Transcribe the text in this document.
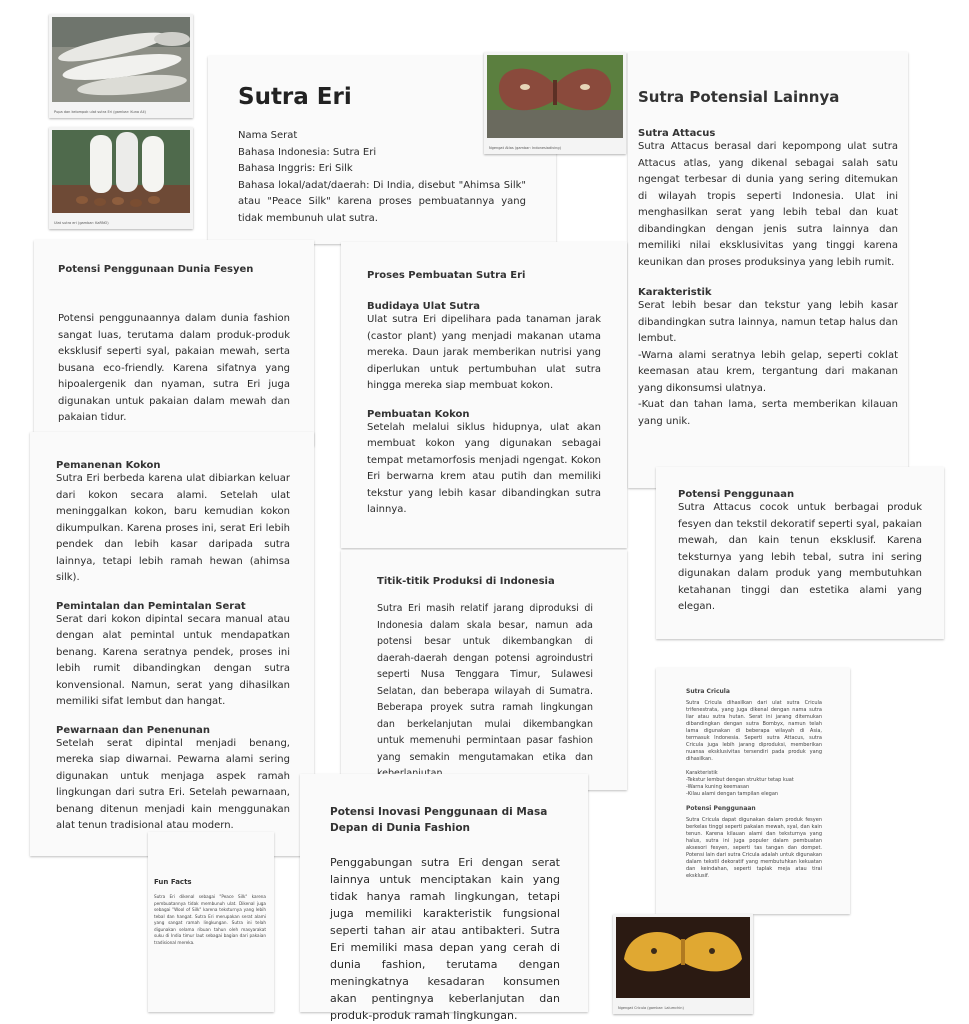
Pupa dan kelompok ulat sutra Eri (gambar: Kuna Ali)
Ulat sutra eri (gambar: KaRNO)
Sutra Eri

Nama Serat

Bahasa Indonesia: Sutra Eri

Bahasa Inggris: Eri Silk

Bahasa lokal/adat/daerah: Di India, disebut "Ahimsa Silk" atau "Peace Silk" karena proses pembuatannya yang tidak membunuh ulat sutra.

Sutra Potensial Lainnya
Sutra Attacus

Sutra Attacus berasal dari kepompong ulat sutra Attacus atlas, yang dikenal sebagai salah satu ngengat terbesar di dunia yang sering ditemukan di wilayah tropis seperti Indonesia. Ulat ini menghasilkan serat yang lebih tebal dan kuat dibandingkan dengan jenis sutra lainnya dan memiliki nilai eksklusivitas yang tinggi karena keunikan dan proses produksinya yang lebih rumit.

Karakteristik

Serat lebih besar dan tekstur yang lebih kasar dibandingkan sutra lainnya, namun tetap halus dan lembut.

-Warna alami seratnya lebih gelap, seperti coklat keemasan atau krem, tergantung dari makanan yang dikonsumsi ulatnya.

-Kuat dan tahan lama, serta memberikan kilauan yang unik.

Ngengat Atlas (gambar: Indonesiadiving)
Potensi Penggunaan Dunia Fesyen

Potensi penggunaannya dalam dunia fashion sangat luas, terutama dalam produk-produk eksklusif seperti syal, pakaian mewah, serta busana eco-friendly. Karena sifatnya yang hipoalergenik dan nyaman, sutra Eri juga digunakan untuk pakaian dalam mewah dan pakaian tidur.

Proses Pembuatan Sutra Eri
Budidaya Ulat Sutra

Ulat sutra Eri dipelihara pada tanaman jarak (castor plant) yang menjadi makanan utama mereka. Daun jarak memberikan nutrisi yang diperlukan untuk pertumbuhan ulat sutra hingga mereka siap membuat kokon.

Pembuatan Kokon

Setelah melalui siklus hidupnya, ulat akan membuat kokon yang digunakan sebagai tempat metamorfosis menjadi ngengat. Kokon Eri berwarna krem atau putih dan memiliki tekstur yang lebih kasar dibandingkan sutra lainnya.

Pemanenan Kokon

Sutra Eri berbeda karena ulat dibiarkan keluar dari kokon secara alami. Setelah ulat meninggalkan kokon, baru kemudian kokon dikumpulkan. Karena proses ini, serat Eri lebih pendek dan lebih kasar daripada sutra lainnya, tetapi lebih ramah hewan (ahimsa silk).

Pemintalan dan Pemintalan Serat

Serat dari kokon dipintal secara manual atau dengan alat pemintal untuk mendapatkan benang. Karena seratnya pendek, proses ini lebih rumit dibandingkan dengan sutra konvensional. Namun, serat yang dihasilkan memiliki sifat lembut dan hangat.

Pewarnaan dan Penenunan

Setelah serat dipintal menjadi benang, mereka siap diwarnai. Pewarna alami sering digunakan untuk menjaga aspek ramah lingkungan dari sutra Eri. Setelah pewarnaan, benang ditenun menjadi kain menggunakan alat tenun tradisional atau modern.

Potensi Penggunaan

Sutra Attacus cocok untuk berbagai produk fesyen dan tekstil dekoratif seperti syal, pakaian mewah, dan kain tenun eksklusif. Karena teksturnya yang lebih tebal, sutra ini sering digunakan dalam produk yang membutuhkan ketahanan tinggi dan estetika alami yang elegan.

Titik-titik Produksi di Indonesia

Sutra Eri masih relatif jarang diproduksi di Indonesia dalam skala besar, namun ada potensi besar untuk dikembangkan di daerah-daerah dengan potensi agroindustri seperti Nusa Tenggara Timur, Sulawesi Selatan, dan beberapa wilayah di Sumatra. Beberapa proyek sutra ramah lingkungan dan berkelanjutan mulai dikembangkan untuk memenuhi permintaan pasar fashion yang semakin mengutamakan etika dan

Sutra Cricula

Sutra Cricula dihasilkan dari ulat sutra Cricula trifenestrata, yang juga dikenal dengan nama sutra liar atau sutra hutan. Serat ini jarang ditemukan dibandingkan dengan sutra Bombyx, namun telah lama digunakan di beberapa wilayah di Asia, termasuk Indonesia. Seperti sutra Attacus, sutra Cricula juga lebih jarang diproduksi, memberikan nuansa eksklusivitas tersendiri pada produk yang dihasilkan.

Karakteristik

-Tekstur lembut dengan struktur tetap kuat

-Warna kuning keemasan

-Kilau alami dengan tampilan elegan

Potensi Penggunaan

Sutra Cricula dapat digunakan dalam produk fesyen berkelas tinggi seperti pakaian mewah, syal, dan kain tenun. Karena kilauan alami dan teksturnya yang halus, sutra ini juga populer dalam pembuatan aksesori fesyen, seperti tas tangan dan dompet. Potensi lain dari sutra Cricula adalah untuk digunakan dalam tekstil dekoratif yang membutuhkan kekuatan dan keindahan, seperti taplak meja atau tirai eksklusif.

Potensi Inovasi Penggunaan di Masa Depan di Dunia Fashion

Penggabungan sutra Eri dengan serat lainnya untuk menciptakan kain yang tidak hanya ramah lingkungan, tetapi juga memiliki karakteristik fungsional seperti tahan air atau antibakteri. Sutra Eri memiliki masa depan yang cerah di dunia fashion, terutama dengan meningkatnya kesadaran konsumen akan pentingnya keberlanjutan dan produk-produk ramah lingkungan.

Fun Facts

Sutra Eri dikenal sebagai "Peace Silk" karena pembuatannya tidak membunuh ulat. Dikenal juga sebagai "Wool of Silk" karena teksturnya yang lebih tebal dan hangat. Sutra Eri merupakan serat alami yang sangat ramah lingkungan. Sutra ini telah digunakan selama ribuan tahun oleh masyarakat suku di India timur laut sebagai bagian dari pakaian tradisional mereka.

Ngengat Cricula (gambar: Lalumchin)
